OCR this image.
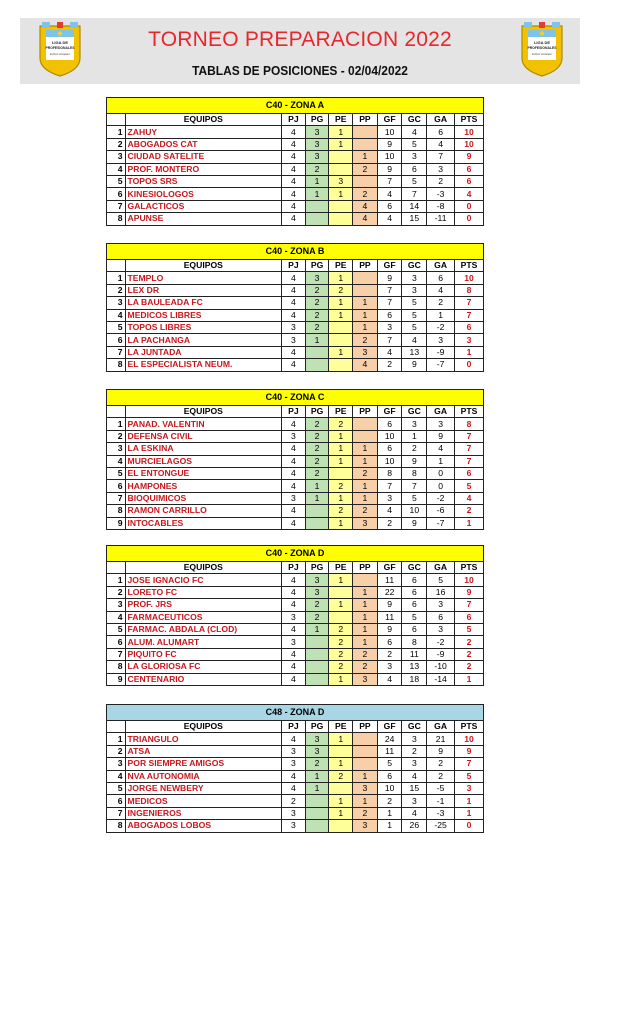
LIGA DE
PROFESIONALES
Futbol Amateur
TORNEO PREPARACION 2022
TABLAS DE POSICIONES - 02/04/2022
LIGA DE
PROFESIONALES
Futbol Amateur
C40 - ZONA A									
	EQUIPOS	PJ	PG	PE	PP	GF	GC	GA	PTS
1	ZAHUY	4	3	1		10	4	6	10
2	ABOGADOS CAT	4	3	1		9	5	4	10
3	CIUDAD SATELITE	4	3		1	10	3	7	9
4	PROF. MONTERO	4	2		2	9	6	3	6
5	TOPOS SRS	4	1	3		7	5	2	6
6	KINESIOLOGOS	4	1	1	2	4	7	-3	4
7	GALACTICOS	4			4	6	14	-8	0
8	APUNSE	4			4	4	15	-11	0
C40 - ZONA B									
	EQUIPOS	PJ	PG	PE	PP	GF	GC	GA	PTS
1	TEMPLO	4	3	1		9	3	6	10
2	LEX DR	4	2	2		7	3	4	8
3	LA BAULEADA FC	4	2	1	1	7	5	2	7
4	MEDICOS LIBRES	4	2	1	1	6	5	1	7
5	TOPOS LIBRES	3	2		1	3	5	-2	6
6	LA PACHANGA	3	1		2	7	4	3	3
7	LA JUNTADA	4		1	3	4	13	-9	1
8	EL ESPECIALISTA NEUM.	4			4	2	9	-7	0
C40 - ZONA C									
	EQUIPOS	PJ	PG	PE	PP	GF	GC	GA	PTS
1	PANAD. VALENTIN	4	2	2		6	3	3	8
2	DEFENSA CIVIL	3	2	1		10	1	9	7
3	LA ESKINA	4	2	1	1	6	2	4	7
4	MURCIELAGOS	4	2	1	1	10	9	1	7
5	EL ENTONGUE	4	2		2	8	8	0	6
6	HAMPONES	4	1	2	1	7	7	0	5
7	BIOQUIMICOS	3	1	1	1	3	5	-2	4
8	RAMON CARRILLO	4		2	2	4	10	-6	2
9	INTOCABLES	4		1	3	2	9	-7	1
C40 - ZONA D									
	EQUIPOS	PJ	PG	PE	PP	GF	GC	GA	PTS
1	JOSE IGNACIO FC	4	3	1		11	6	5	10
2	LORETO FC	4	3		1	22	6	16	9
3	PROF. JRS	4	2	1	1	9	6	3	7
4	FARMACEUTICOS	3	2		1	11	5	6	6
5	FARMAC. ABDALA (CLOD)	4	1	2	1	9	6	3	5
6	ALUM. ALUMART	3		2	1	6	8	-2	2
7	PIQUITO FC	4		2	2	2	11	-9	2
8	LA GLORIOSA FC	4		2	2	3	13	-10	2
9	CENTENARIO	4		1	3	4	18	-14	1
C48 - ZONA D									
	EQUIPOS	PJ	PG	PE	PP	GF	GC	GA	PTS
1	TRIANGULO	4	3	1		24	3	21	10
2	ATSA	3	3			11	2	9	9
3	POR SIEMPRE AMIGOS	3	2	1		5	3	2	7
4	NVA AUTONOMIA	4	1	2	1	6	4	2	5
5	JORGE NEWBERY	4	1		3	10	15	-5	3
6	MEDICOS	2		1	1	2	3	-1	1
7	INGENIEROS	3		1	2	1	4	-3	1
8	ABOGADOS LOBOS	3			3	1	26	-25	0
